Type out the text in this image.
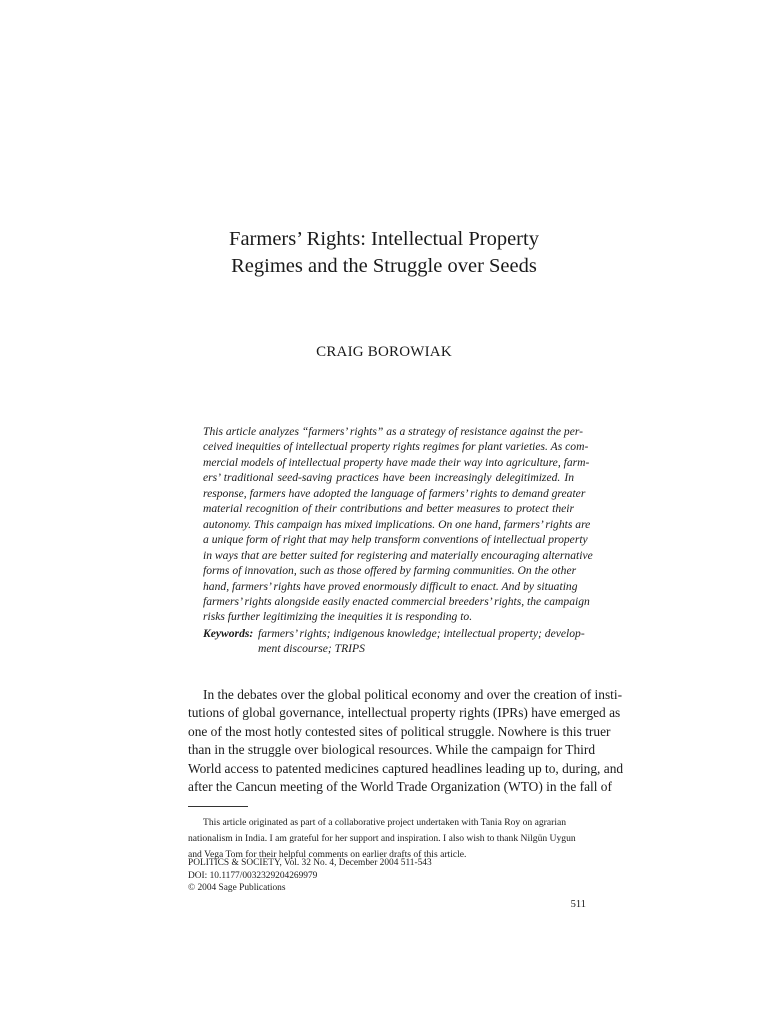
Farmers’ Rights: Intellectual Property
Regimes and the Struggle over Seeds
CRAIG BOROWIAK
This article analyzes “farmers’ rights” as a strategy of resistance against the per-
ceived inequities of intellectual property rights regimes for plant varieties. As com-
mercial models of intellectual property have made their way into agriculture, farm-
ers’ traditional seed-saving practices have been increasingly delegitimized. In
response, farmers have adopted the language of farmers’ rights to demand greater
material recognition of their contributions and better measures to protect their
autonomy. This campaign has mixed implications. On one hand, farmers’ rights are
a unique form of right that may help transform conventions of intellectual property
in ways that are better suited for registering and materially encouraging alternative
forms of innovation, such as those offered by farming communities. On the other
hand, farmers’ rights have proved enormously difficult to enact. And by situating
farmers’ rights alongside easily enacted commercial breeders’ rights, the campaign
risks further legitimizing the inequities it is responding to.
Keywords: farmers’ rights; indigenous knowledge; intellectual property; develop-
ment discourse; TRIPS
In the debates over the global political economy and over the creation of insti-
tutions of global governance, intellectual property rights (IPRs) have emerged as
one of the most hotly contested sites of political struggle. Nowhere is this truer
than in the struggle over biological resources. While the campaign for Third
World access to patented medicines captured headlines leading up to, during, and
after the Cancun meeting of the World Trade Organization (WTO) in the fall of
This article originated as part of a collaborative project undertaken with Tania Roy on agrarian
nationalism in India. I am grateful for her support and inspiration. I also wish to thank Nilgün Uygun
and Vega Tom for their helpful comments on earlier drafts of this article.
POLITICS & SOCIETY, Vol. 32 No. 4, December 2004 511-543
DOI: 10.1177/0032329204269979
© 2004 Sage Publications
511
